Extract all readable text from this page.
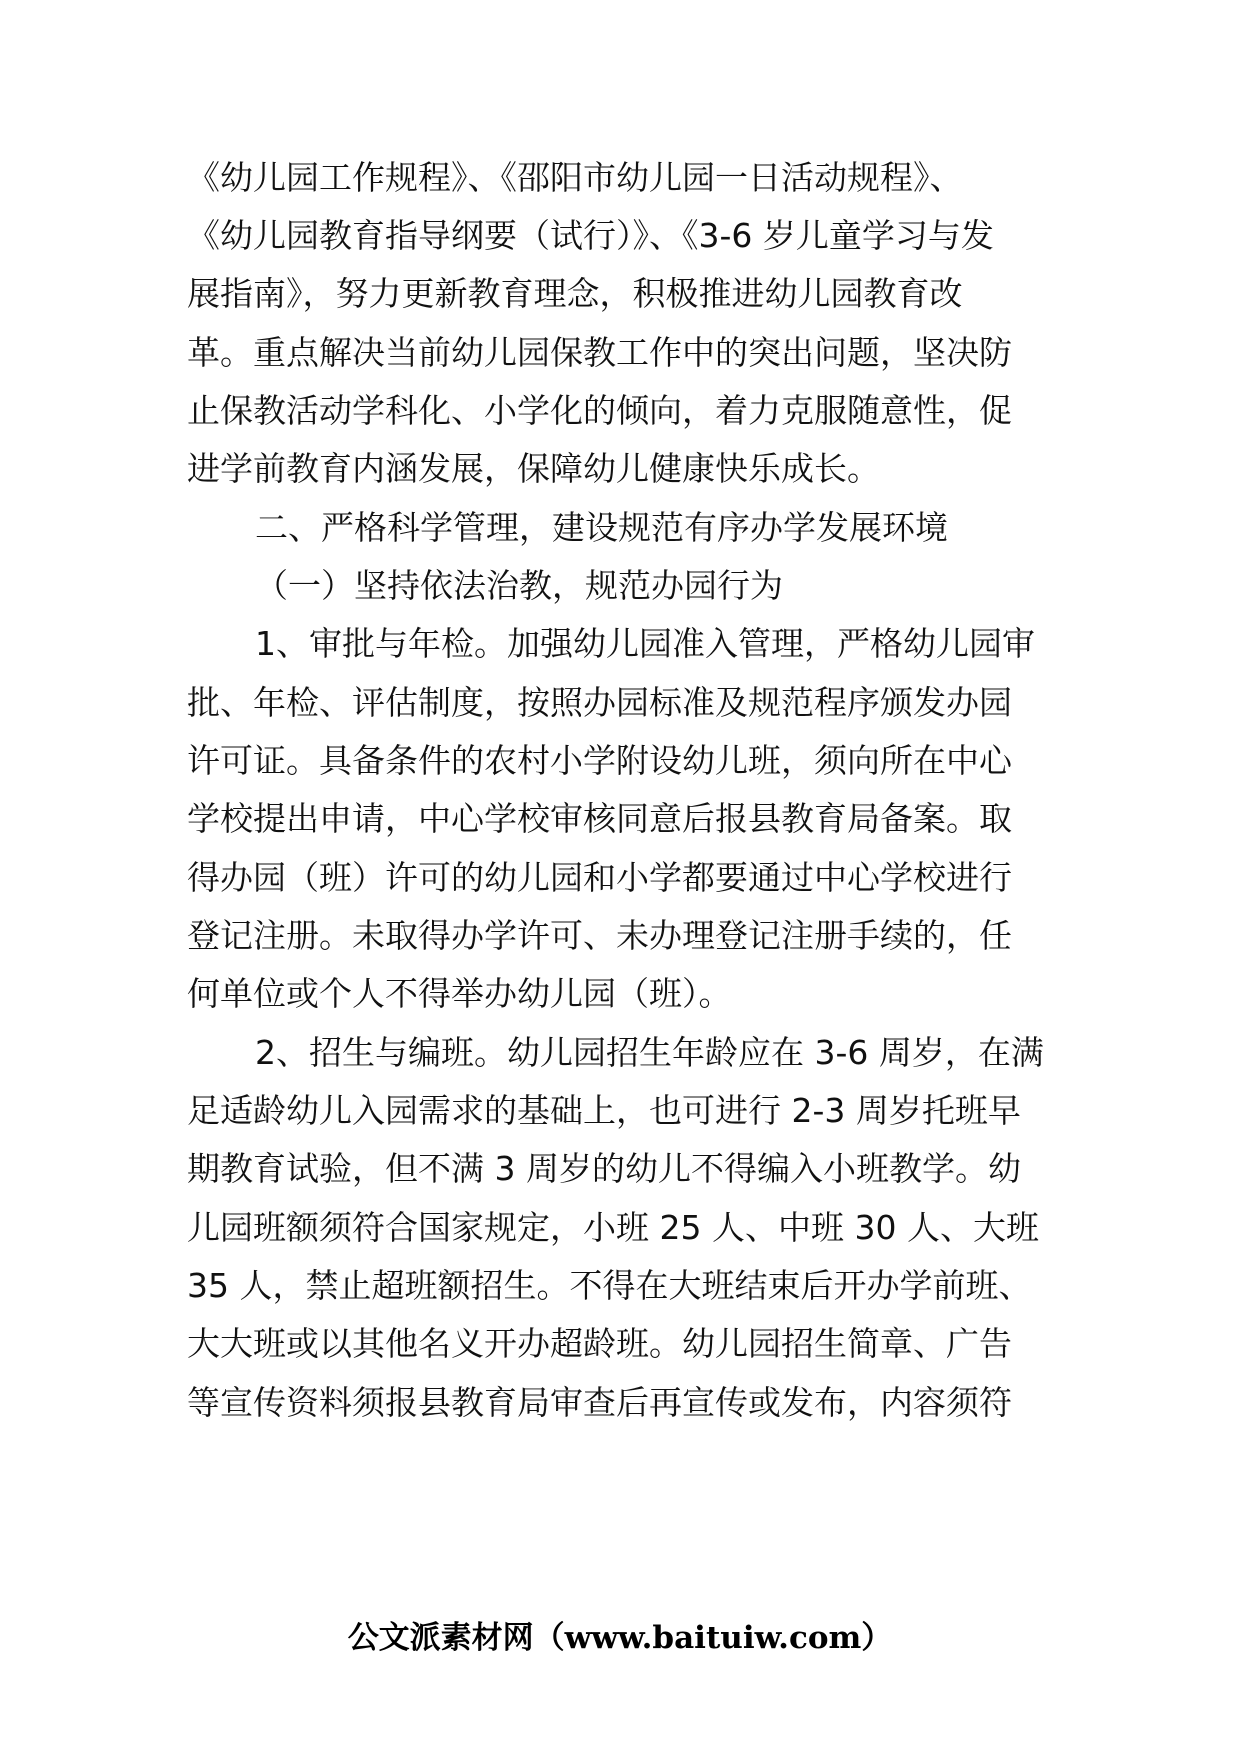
《幼儿园工作规程》、《邵阳市幼儿园一日活动规程》、
《幼儿园教育指导纲要（试行）》、《3-6 岁儿童学习与发
展指南》，努力更新教育理念，积极推进幼儿园教育改
革。重点解决当前幼儿园保教工作中的突出问题，坚决防
止保教活动学科化、小学化的倾向，着力克服随意性，促
进学前教育内涵发展，保障幼儿健康快乐成长。
二、严格科学管理，建设规范有序办学发展环境
（一）坚持依法治教，规范办园行为
1、审批与年检。加强幼儿园准入管理，严格幼儿园审
批、年检、评估制度，按照办园标准及规范程序颁发办园
许可证。具备条件的农村小学附设幼儿班，须向所在中心
学校提出申请，中心学校审核同意后报县教育局备案。取
得办园（班）许可的幼儿园和小学都要通过中心学校进行
登记注册。未取得办学许可、未办理登记注册手续的，任
何单位或个人不得举办幼儿园（班）。
2、招生与编班。幼儿园招生年龄应在 3-6 周岁，在满
足适龄幼儿入园需求的基础上，也可进行 2-3 周岁托班早
期教育试验，但不满 3 周岁的幼儿不得编入小班教学。幼
儿园班额须符合国家规定，小班 25 人、中班 30 人、大班
35 人，禁止超班额招生。不得在大班结束后开办学前班、
大大班或以其他名义开办超龄班。幼儿园招生简章、广告
等宣传资料须报县教育局审查后再宣传或发布，内容须符
公文派素材网（www.baituiw.com）
